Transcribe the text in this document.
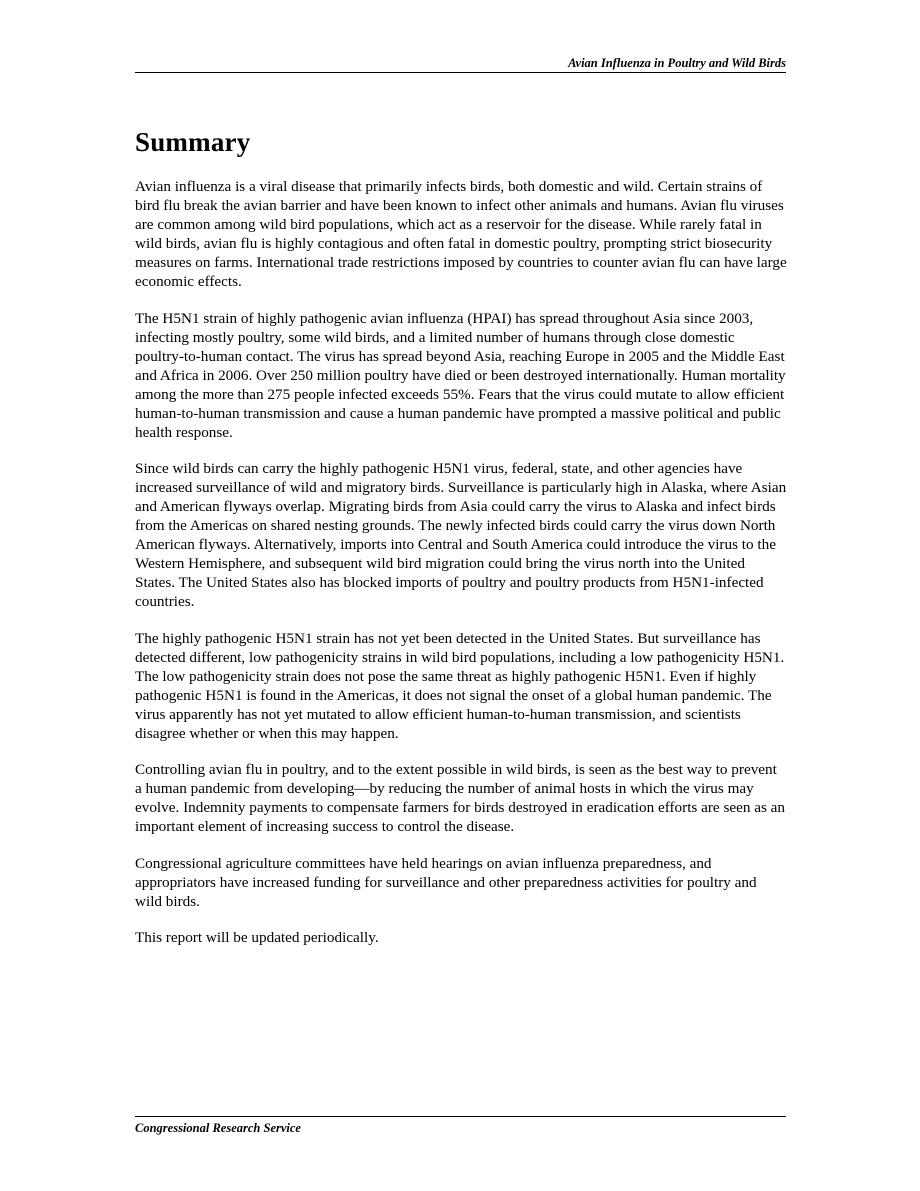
Avian Influenza in Poultry and Wild Birds
Summary

Avian influenza is a viral disease that primarily infects birds, both domestic and wild. Certain strains of bird flu break the avian barrier and have been known to infect other animals and humans. Avian flu viruses are common among wild bird populations, which act as a reservoir for the disease. While rarely fatal in wild birds, avian flu is highly contagious and often fatal in domestic poultry, prompting strict biosecurity measures on farms. International trade restrictions imposed by countries to counter avian flu can have large economic effects.

The H5N1 strain of highly pathogenic avian influenza (HPAI) has spread throughout Asia since 2003, infecting mostly poultry, some wild birds, and a limited number of humans through close domestic poultry-to-human contact. The virus has spread beyond Asia, reaching Europe in 2005 and the Middle East and Africa in 2006. Over 250 million poultry have died or been destroyed internationally. Human mortality among the more than 275 people infected exceeds 55%. Fears that the virus could mutate to allow efficient human-to-human transmission and cause a human pandemic have prompted a massive political and public health response.

Since wild birds can carry the highly pathogenic H5N1 virus, federal, state, and other agencies have increased surveillance of wild and migratory birds. Surveillance is particularly high in Alaska, where Asian and American flyways overlap. Migrating birds from Asia could carry the virus to Alaska and infect birds from the Americas on shared nesting grounds. The newly infected birds could carry the virus down North American flyways. Alternatively, imports into Central and South America could introduce the virus to the Western Hemisphere, and subsequent wild bird migration could bring the virus north into the United States. The United States also has blocked imports of poultry and poultry products from H5N1-infected countries.

The highly pathogenic H5N1 strain has not yet been detected in the United States. But surveillance has detected different, low pathogenicity strains in wild bird populations, including a low pathogenicity H5N1. The low pathogenicity strain does not pose the same threat as highly pathogenic H5N1. Even if highly pathogenic H5N1 is found in the Americas, it does not signal the onset of a global human pandemic. The virus apparently has not yet mutated to allow efficient human-to-human transmission, and scientists disagree whether or when this may happen.

Controlling avian flu in poultry, and to the extent possible in wild birds, is seen as the best way to prevent a human pandemic from developing—by reducing the number of animal hosts in which the virus may evolve. Indemnity payments to compensate farmers for birds destroyed in eradication efforts are seen as an important element of increasing success to control the disease.

Congressional agriculture committees have held hearings on avian influenza preparedness, and appropriators have increased funding for surveillance and other preparedness activities for poultry and wild birds.

This report will be updated periodically.

Congressional Research Service
